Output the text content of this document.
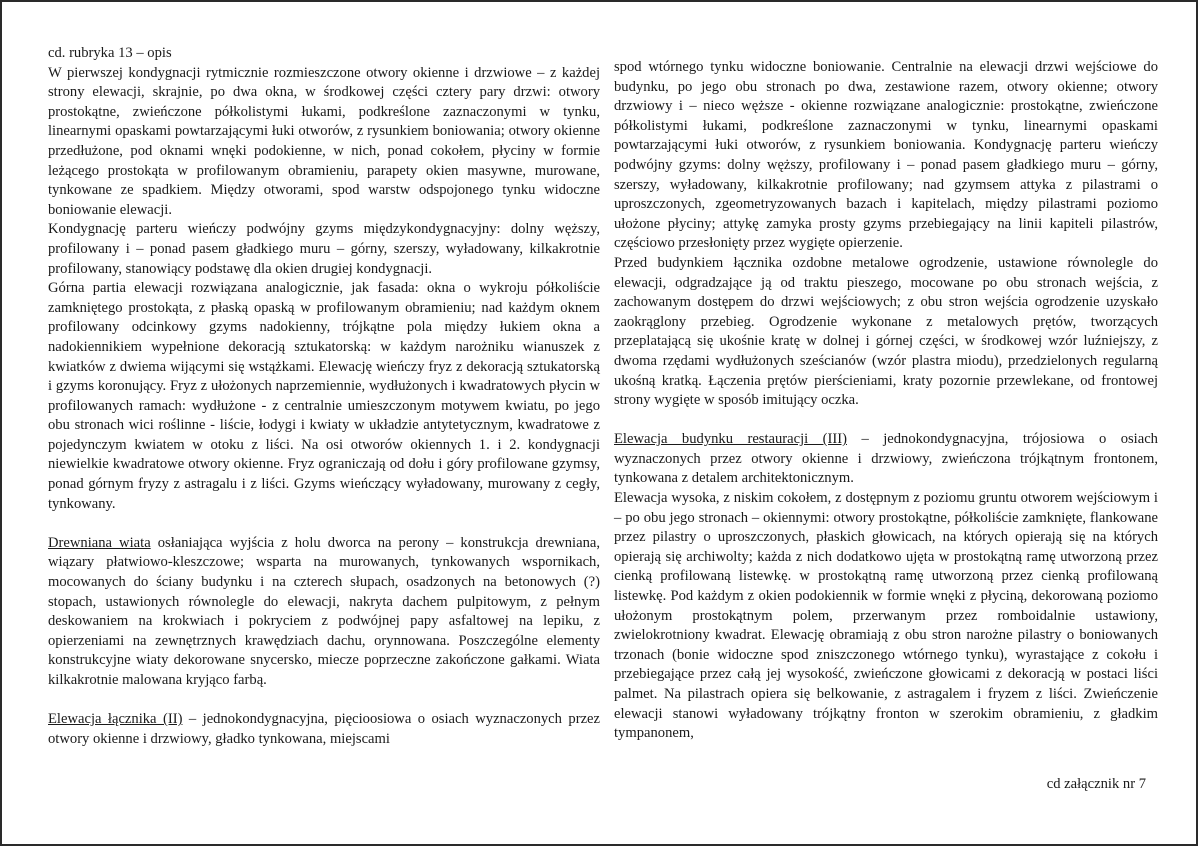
cd. rubryka 13 – opis

W pierwszej kondygnacji rytmicznie rozmieszczone otwory okienne i drzwiowe – z każdej strony elewacji, skrajnie, po dwa okna, w środkowej części cztery pary drzwi: otwory prostokątne, zwieńczone półkolistymi łukami, podkreślone zaznaczonymi w tynku, linearnymi opaskami powtarzającymi łuki otworów, z rysunkiem boniowania; otwory okienne przedłużone, pod oknami wnęki podokienne, w nich, ponad cokołem, płyciny w formie leżącego prostokąta w profilowanym obramieniu, parapety okien masywne, murowane, tynkowane ze spadkiem. Między otworami, spod warstw odspojonego tynku widoczne boniowanie elewacji.

Kondygnację parteru wieńczy podwójny gzyms międzykondygnacyjny: dolny węższy, profilowany i – ponad pasem gładkiego muru – górny, szerszy, wyładowany, kilkakrotnie profilowany, stanowiący podstawę dla okien drugiej kondygnacji.

Górna partia elewacji rozwiązana analogicznie, jak fasada: okna o wykroju półkoliście zamkniętego prostokąta, z płaską opaską w profilowanym obramieniu; nad każdym oknem profilowany odcinkowy gzyms nadokienny, trójkątne pola między łukiem okna a nadokiennikiem wypełnione dekoracją sztukatorską: w każdym narożniku wianuszek z kwiatków z dwiema wijącymi się wstążkami. Elewację wieńczy fryz z dekoracją sztukatorską i gzyms koronujący. Fryz z ułożonych naprzemiennie, wydłużonych i kwadratowych płycin w profilowanych ramach: wydłużone - z centralnie umieszczonym motywem kwiatu, po jego obu stronach wici roślinne - liście, łodygi i kwiaty w układzie antytetycznym, kwadratowe z pojedynczym kwiatem w otoku z liści. Na osi otworów okiennych 1. i 2. kondygnacji niewielkie kwadratowe otwory okienne. Fryz ograniczają od dołu i góry profilowane gzymsy, ponad górnym fryzy z astragalu i z liści. Gzyms wieńczący wyładowany, murowany z cegły, tynkowany.

Drewniana wiata osłaniająca wyjścia z holu dworca na perony – konstrukcja drewniana, wiązary płatwiowo-kleszczowe; wsparta na murowanych, tynkowanych wspornikach, mocowanych do ściany budynku i na czterech słupach, osadzonych na betonowych (?) stopach, ustawionych równolegle do elewacji, nakryta dachem pulpitowym, z pełnym deskowaniem na krokwiach i pokryciem z podwójnej papy asfaltowej na lepiku, z opierzeniami na zewnętrznych krawędziach dachu, orynnowana. Poszczególne elementy konstrukcyjne wiaty dekorowane snycersko, miecze poprzeczne zakończone gałkami. Wiata kilkakrotnie malowana kryjąco farbą.

Elewacja łącznika (II) – jednokondygnacyjna, pięcioosiowa o osiach wyznaczonych przez otwory okienne i drzwiowy, gładko tynkowana, miejscami

spod wtórnego tynku widoczne boniowanie. Centralnie na elewacji drzwi wejściowe do budynku, po jego obu stronach po dwa, zestawione razem, otwory okienne; otwory drzwiowy i – nieco węższe - okienne rozwiązane analogicznie: prostokątne, zwieńczone półkolistymi łukami, podkreślone zaznaczonymi w tynku, linearnymi opaskami powtarzającymi łuki otworów, z rysunkiem boniowania. Kondygnację parteru wieńczy podwójny gzyms: dolny węższy, profilowany i – ponad pasem gładkiego muru – górny, szerszy, wyładowany, kilkakrotnie profilowany; nad gzymsem attyka z pilastrami o uproszczonych, zgeometryzowanych bazach i kapitelach, między pilastrami poziomo ułożone płyciny; attykę zamyka prosty gzyms przebiegający na linii kapiteli pilastrów, częściowo przesłonięty przez wygięte opierzenie.

Przed budynkiem łącznika ozdobne metalowe ogrodzenie, ustawione równolegle do elewacji, odgradzające ją od traktu pieszego, mocowane po obu stronach wejścia, z zachowanym dostępem do drzwi wejściowych; z obu stron wejścia ogrodzenie uzyskało zaokrąglony przebieg. Ogrodzenie wykonane z metalowych prętów, tworzących przeplatającą się ukośnie kratę w dolnej i górnej części, w środkowej wzór luźniejszy, z dwoma rzędami wydłużonych sześcianów (wzór plastra miodu), przedzielonych regularną ukośną kratką. Łączenia prętów pierścieniami, kraty pozornie przewlekane, od frontowej strony wygięte w sposób imitujący oczka.

Elewacja budynku restauracji (III) – jednokondygnacyjna, trójosiowa o osiach wyznaczonych przez otwory okienne i drzwiowy, zwieńczona trójkątnym frontonem, tynkowana z detalem architektonicznym.

Elewacja wysoka, z niskim cokołem, z dostępnym z poziomu gruntu otworem wejściowym i – po obu jego stronach – okiennymi: otwory prostokątne, półkoliście zamknięte, flankowane przez pilastry o uproszczonych, płaskich głowicach, na których opierają się na których opierają się archiwolty; każda z nich dodatkowo ujęta w prostokątną ramę utworzoną przez cienką profilowaną listewkę. w prostokątną ramę utworzoną przez cienką profilowaną listewkę. Pod każdym z okien podokiennik w formie wnęki z płyciną, dekorowaną poziomo ułożonym prostokątnym polem, przerwanym przez romboidalnie ustawiony, zwielokrotniony kwadrat. Elewację obramiają z obu stron narożne pilastry o boniowanych trzonach (bonie widoczne spod zniszczonego wtórnego tynku), wyrastające z cokołu i przebiegające przez całą jej wysokość, zwieńczone głowicami z dekoracją w postaci liści palmet. Na pilastrach opiera się belkowanie, z astragalem i fryzem z liści. Zwieńczenie elewacji stanowi wyładowany trójkątny fronton w szerokim obramieniu, z gładkim tympanonem,

cd załącznik nr 7
